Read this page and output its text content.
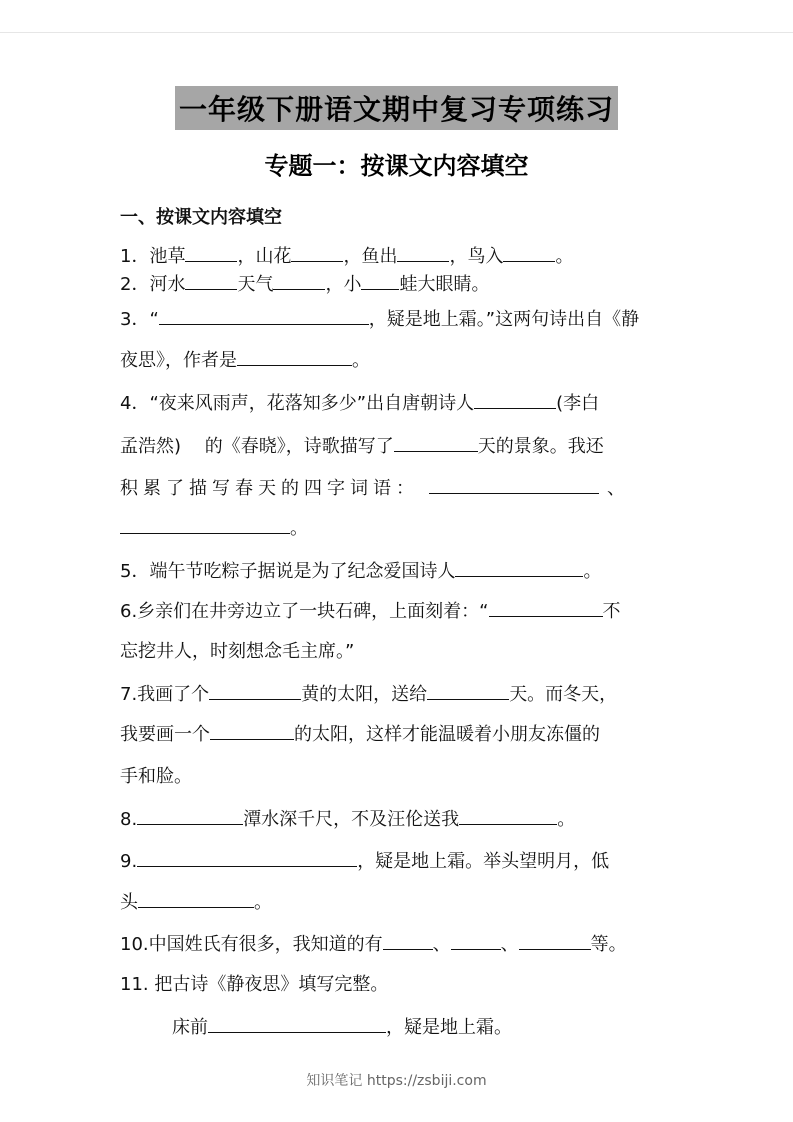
一年级下册语文期中复习专项练习
专题一：按课文内容填空
一、按课文内容填空
1．池草	，山花	，鱼出	，鸟入	。
2．河水	天气	，小 蛙大眼睛。
3．“	，疑是地上霜。”这两句诗出自《静
夜思》，作者是	。
4．“夜来风雨声，花落知多少”出自唐朝诗人	(李白
孟浩然)　 的《春晓》，诗歌描写了	天的景象。我还
积累了描写春天的四字词语：	、
。
5．端午节吃粽子据说是为了纪念爱国诗人	。
6.乡亲们在井旁边立了一块石碑，上面刻着：“	不
忘挖井人，时刻想念毛主席。”
7.我画了个	黄的太阳，送给	天。而冬天，
我要画一个	的太阳，这样才能温暖着小朋友冻僵的
手和脸。
8.	潭水深千尺，不及汪伦送我	。
9.	，疑是地上霜。举头望明月，低
头	。
10.中国姓氏有很多，我知道的有	、	、	等。
11. 把古诗《静夜思》填写完整。
床前	，疑是地上霜。
知识笔记 https://zsbiji.com
